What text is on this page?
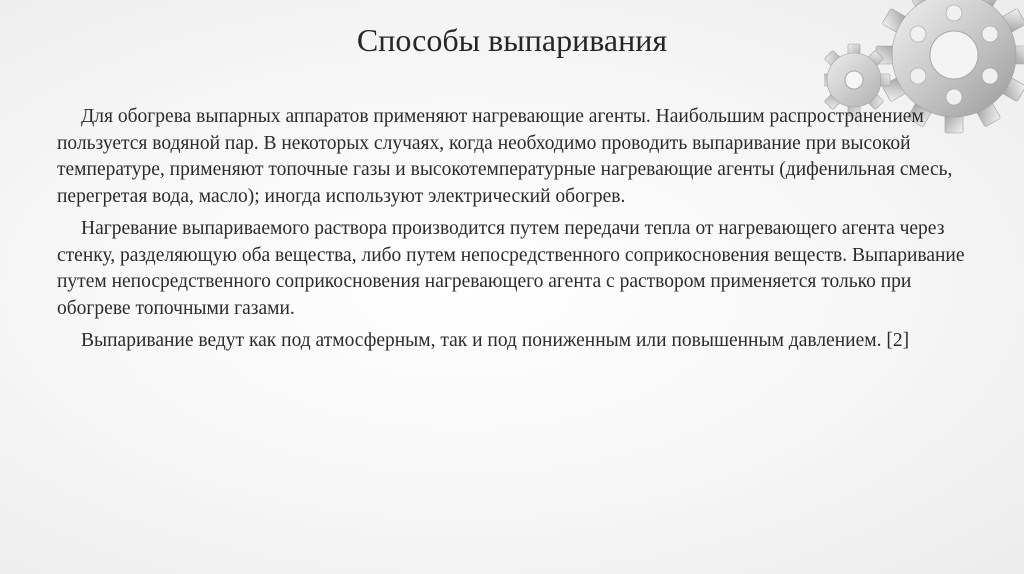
Способы выпаривания

Для обогрева выпарных аппаратов применяют нагревающие агенты. Наибольшим распространением пользуется водяной пар. В некоторых случаях, когда необходимо проводить выпаривание при высокой температуре, применяют топочные газы и высокотемпературные нагревающие агенты (дифенильная смесь, перегретая вода, масло); иногда используют электрический обогрев.

Нагревание выпариваемого раствора производится путем передачи тепла от нагревающего агента через стенку, разделяющую оба вещества, либо путем непосредственного соприкосновения веществ. Выпаривание путем непосредственного соприкосновения нагревающего агента с раствором применяется только при обогреве топочными газами.

Выпаривание ведут как под атмосферным, так и под пониженным или повышенным давлением. [2]
